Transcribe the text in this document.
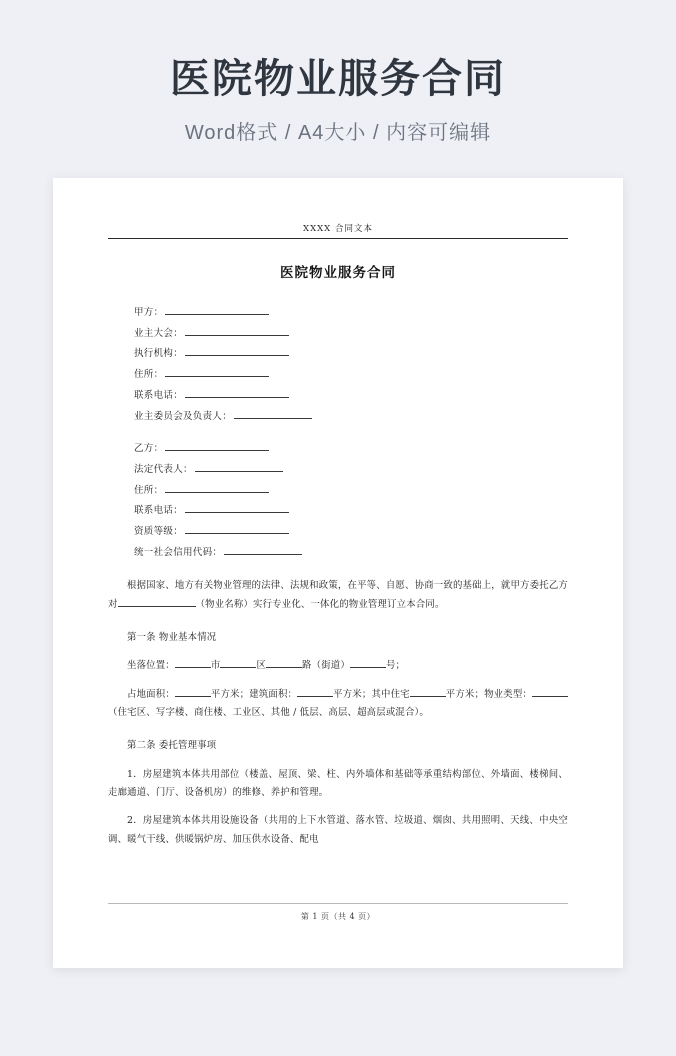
医院物业服务合同
Word格式 / A4大小 / 内容可编辑
XXXX 合同文本
医院物业服务合同
甲方：
业主大会：
执行机构：
住所：
联系电话：
业主委员会及负责人：
乙方：
法定代表人：
住所：
联系电话：
资质等级：
统一社会信用代码：
根据国家、地方有关物业管理的法律、法规和政策，在平等、自愿、协商一致的基础上，就甲方委托乙方对	（物业名称）实行专业化、一体化的物业管理订立本合同。
第一条 物业基本情况
坐落位置：	市	区	路（街道）	号；
占地面积：	平方米；建筑面积：	平方米；其中住宅	平方米；物业类型：（住宅区、写字楼、商住楼、工业区、其他 / 低层、高层、超高层或混合）。
第二条 委托管理事项
1．房屋建筑本体共用部位（楼盖、屋顶、梁、柱、内外墙体和基础等承重结构部位、外墙面、楼梯间、走廊通道、门厅、设备机房）的维修、养护和管理。
2．房屋建筑本体共用设施设备（共用的上下水管道、落水管、垃圾道、烟囱、共用照明、天线、中央空调、暖气干线、供暖锅炉房、加压供水设备、配电
第 1 页（共 4 页）
